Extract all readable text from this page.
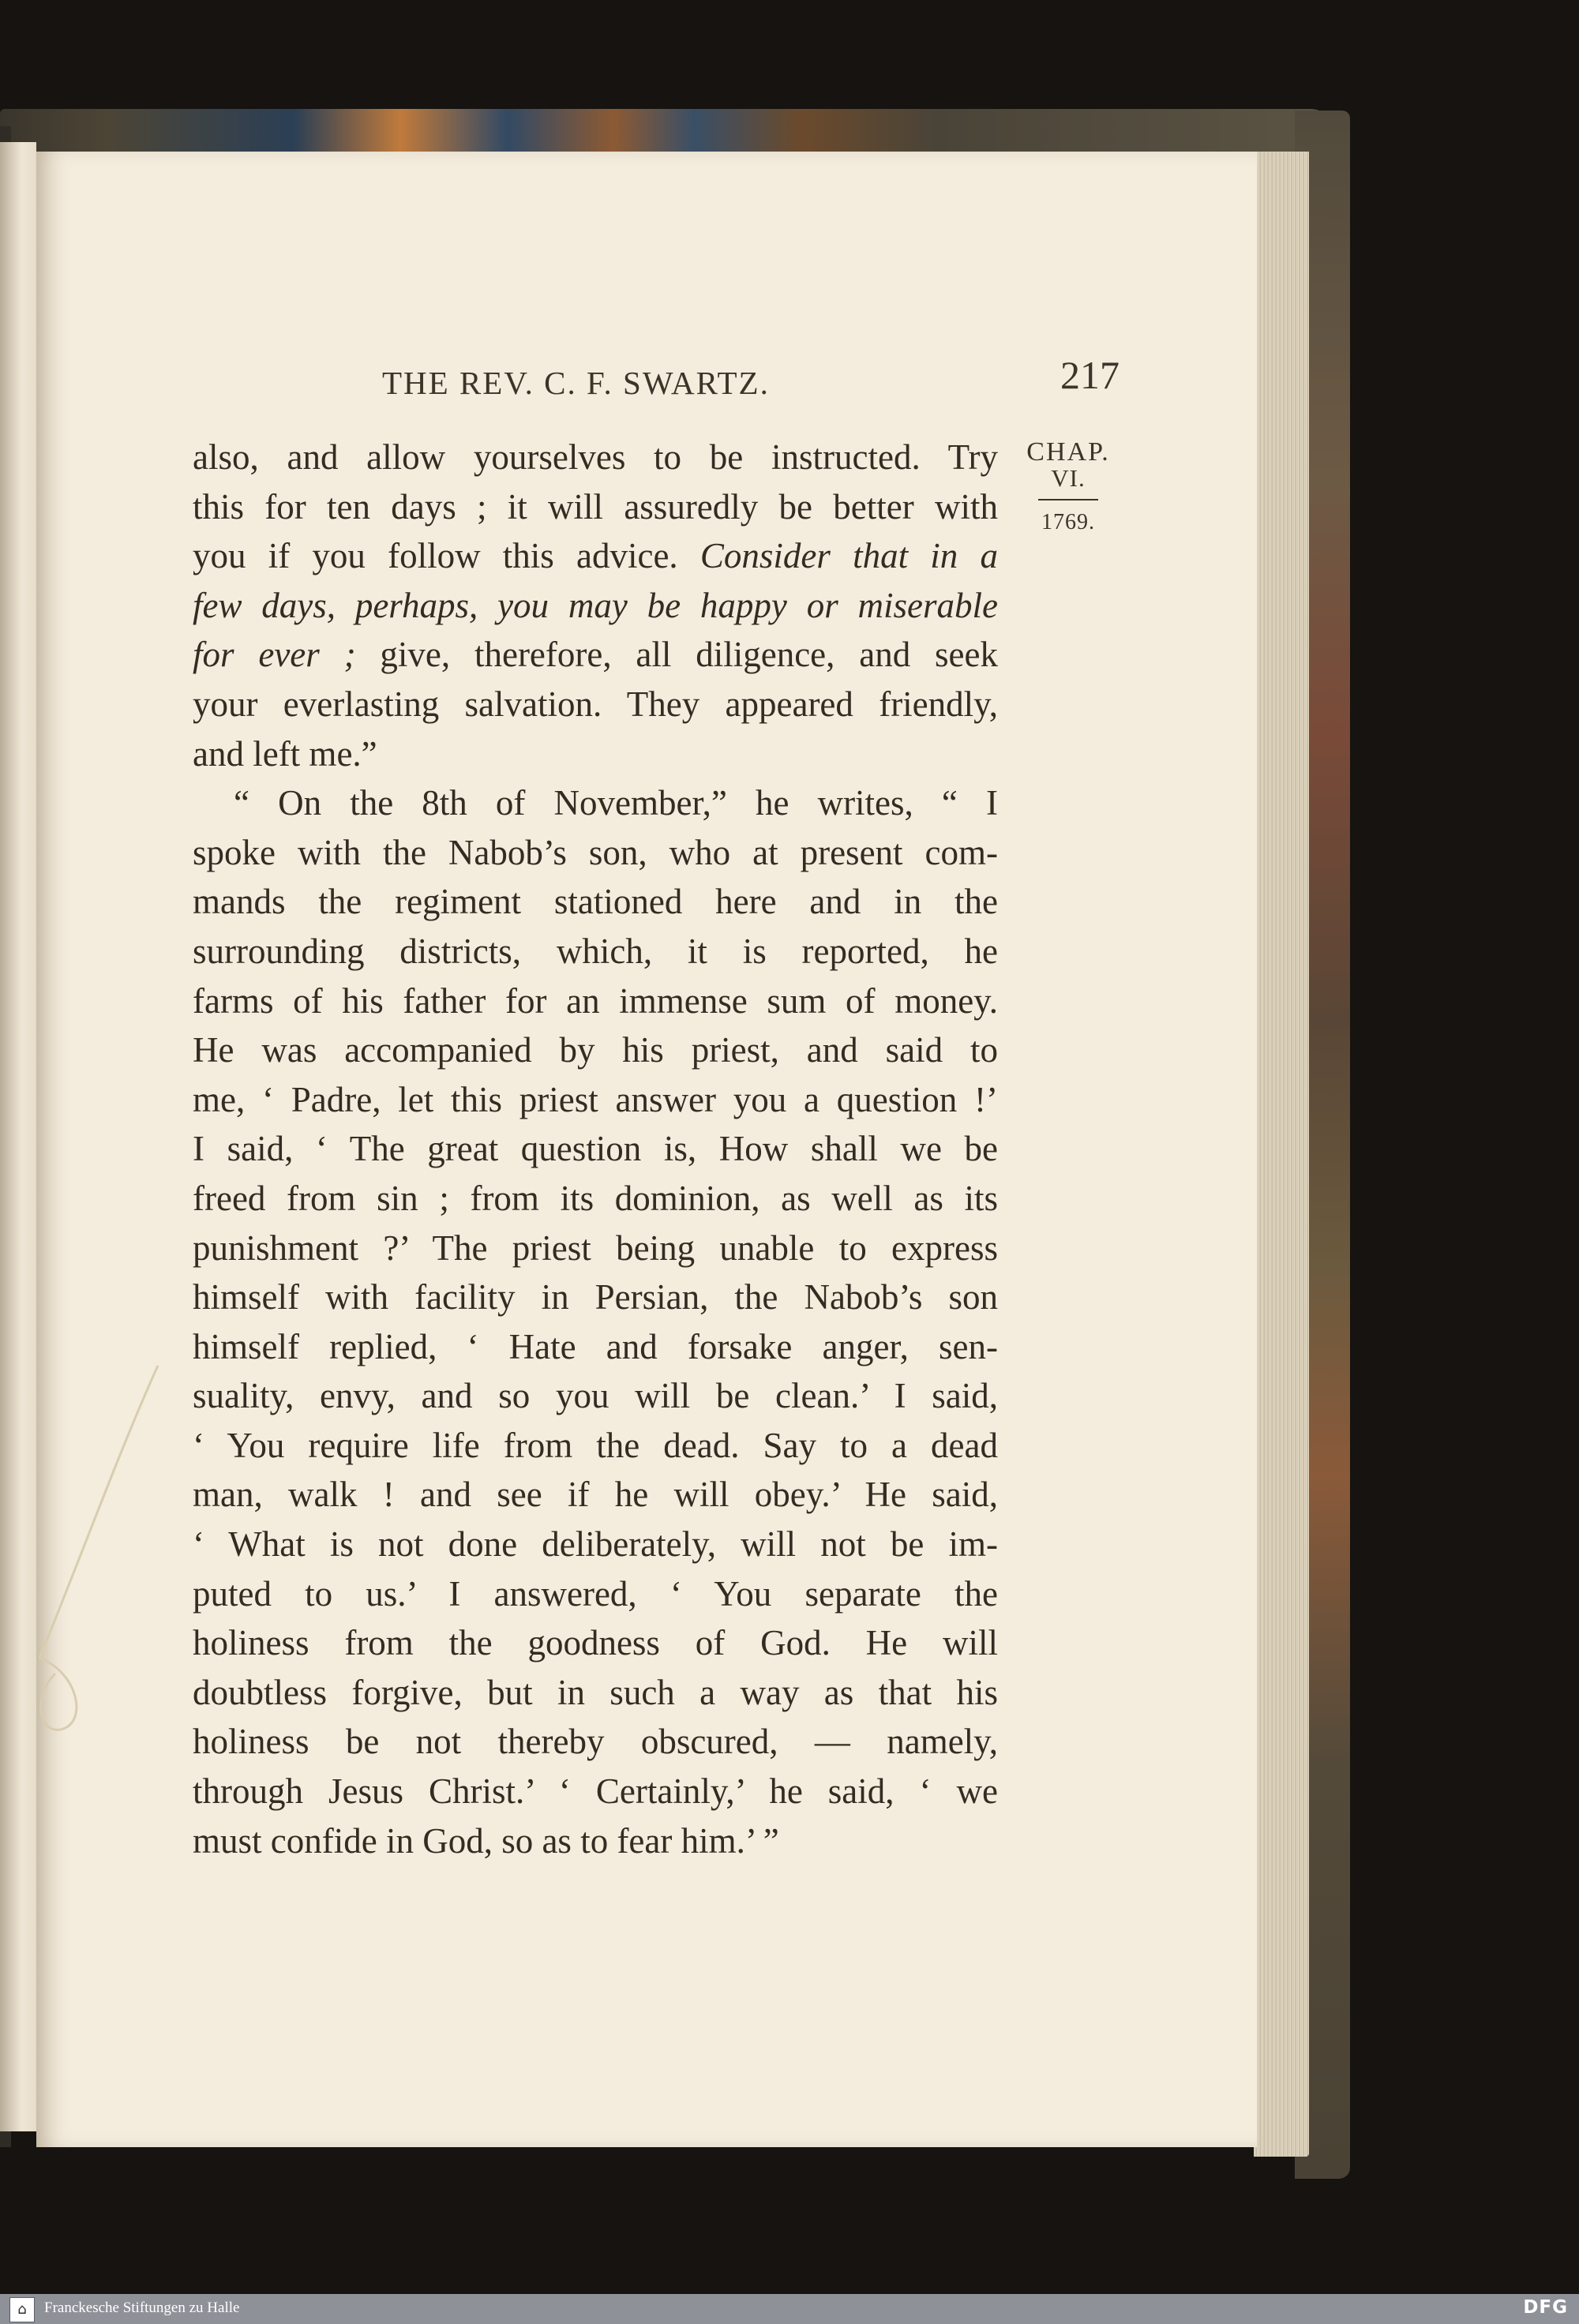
THE REV. C. F. SWARTZ.	217
CHAP.
VI.
1769.
also, and allow yourselves to be instructed. Try
this for ten days ; it will assuredly be better with
you if you follow this advice. Consider that in a
few days, perhaps, you may be happy or miserable
for ever ; give, therefore, all diligence, and seek
your everlasting salvation. They appeared friendly,
and left me.”
“ On the 8th of November,” he writes, “ I
spoke with the Nabob’s son, who at present com-
mands the regiment stationed here and in the
surrounding districts, which, it is reported, he
farms of his father for an immense sum of money.
He was accompanied by his priest, and said to
me, ‘ Padre, let this priest answer you a question !’
I said, ‘ The great question is, How shall we be
freed from sin ; from its dominion, as well as its
punishment ?’ The priest being unable to express
himself with facility in Persian, the Nabob’s son
himself replied, ‘ Hate and forsake anger, sen-
suality, envy, and so you will be clean.’ I said,
‘ You require life from the dead. Say to a dead
man, walk ! and see if he will obey.’ He said,
‘ What is not done deliberately, will not be im-
puted to us.’ I answered, ‘ You separate the
holiness from the goodness of God. He will
doubtless forgive, but in such a way as that his
holiness be not thereby obscured, — namely,
through Jesus Christ.’ ‘ Certainly,’ he said, ‘ we
must confide in God, so as to fear him.’ ”
⌂	Franckesche Stiftungen zu Halle	DFG
